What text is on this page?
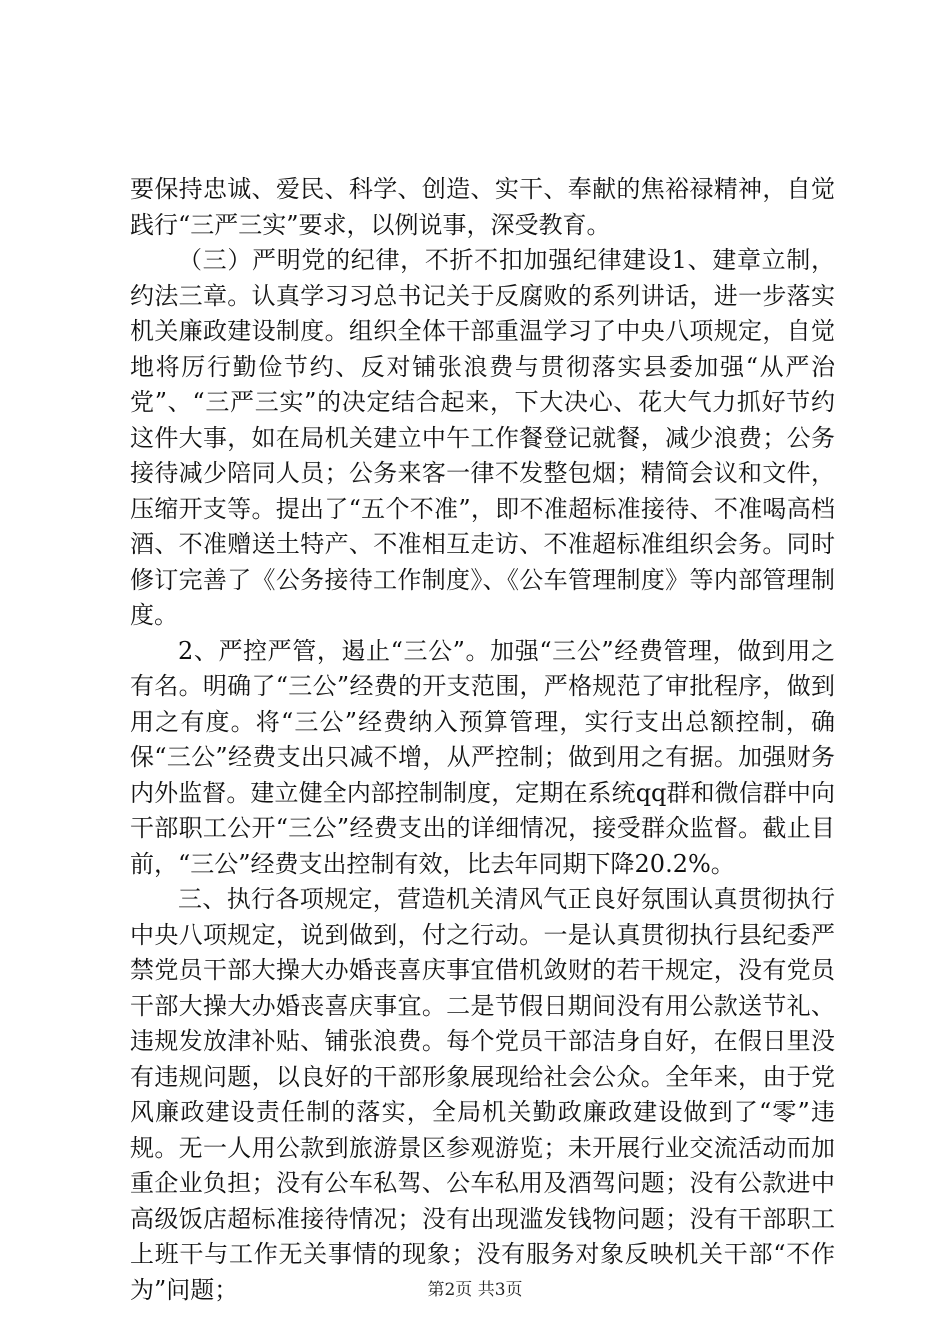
要保持忠诚、爱民、科学、创造、实干、奉献的焦裕禄精神，自觉践行“三严三实”要求，以例说事，深受教育。

（三）严明党的纪律，不折不扣加强纪律建设1、建章立制，约法三章。认真学习习总书记关于反腐败的系列讲话，进一步落实机关廉政建设制度。组织全体干部重温学习了中央八项规定，自觉地将厉行勤俭节约、反对铺张浪费与贯彻落实县委加强“从严治党”、“三严三实”的决定结合起来，下大决心、花大气力抓好节约这件大事，如在局机关建立中午工作餐登记就餐，减少浪费；公务接待减少陪同人员；公务来客一律不发整包烟；精简会议和文件，压缩开支等。提出了“五个不准”，即不准超标准接待、不准喝高档酒、不准赠送土特产、不准相互走访、不准超标准组织会务。同时修订完善了《公务接待工作制度》、《公车管理制度》等内部管理制度。

2、严控严管，遏止“三公”。加强“三公”经费管理，做到用之有名。明确了“三公”经费的开支范围，严格规范了审批程序，做到用之有度。将“三公”经费纳入预算管理，实行支出总额控制，确保“三公”经费支出只减不增，从严控制；做到用之有据。加强财务内外监督。建立健全内部控制制度，定期在系统qq群和微信群中向干部职工公开“三公”经费支出的详细情况，接受群众监督。截止目前，“三公”经费支出控制有效，比去年同期下降20.2%。

三、执行各项规定，营造机关清风气正良好氛围认真贯彻执行中央八项规定，说到做到，付之行动。一是认真贯彻执行县纪委严禁党员干部大操大办婚丧喜庆事宜借机敛财的若干规定，没有党员干部大操大办婚丧喜庆事宜。二是节假日期间没有用公款送节礼、违规发放津补贴、铺张浪费。每个党员干部洁身自好，在假日里没有违规问题，以良好的干部形象展现给社会公众。全年来，由于党风廉政建设责任制的落实，全局机关勤政廉政建设做到了“零”违规。无一人用公款到旅游景区参观游览；未开展行业交流活动而加重企业负担；没有公车私驾、公车私用及酒驾问题；没有公款进中高级饭店超标准接待情况；没有出现滥发钱物问题；没有干部职工上班干与工作无关事情的现象；没有服务对象反映机关干部“不作为”问题；	第2页 共3页
